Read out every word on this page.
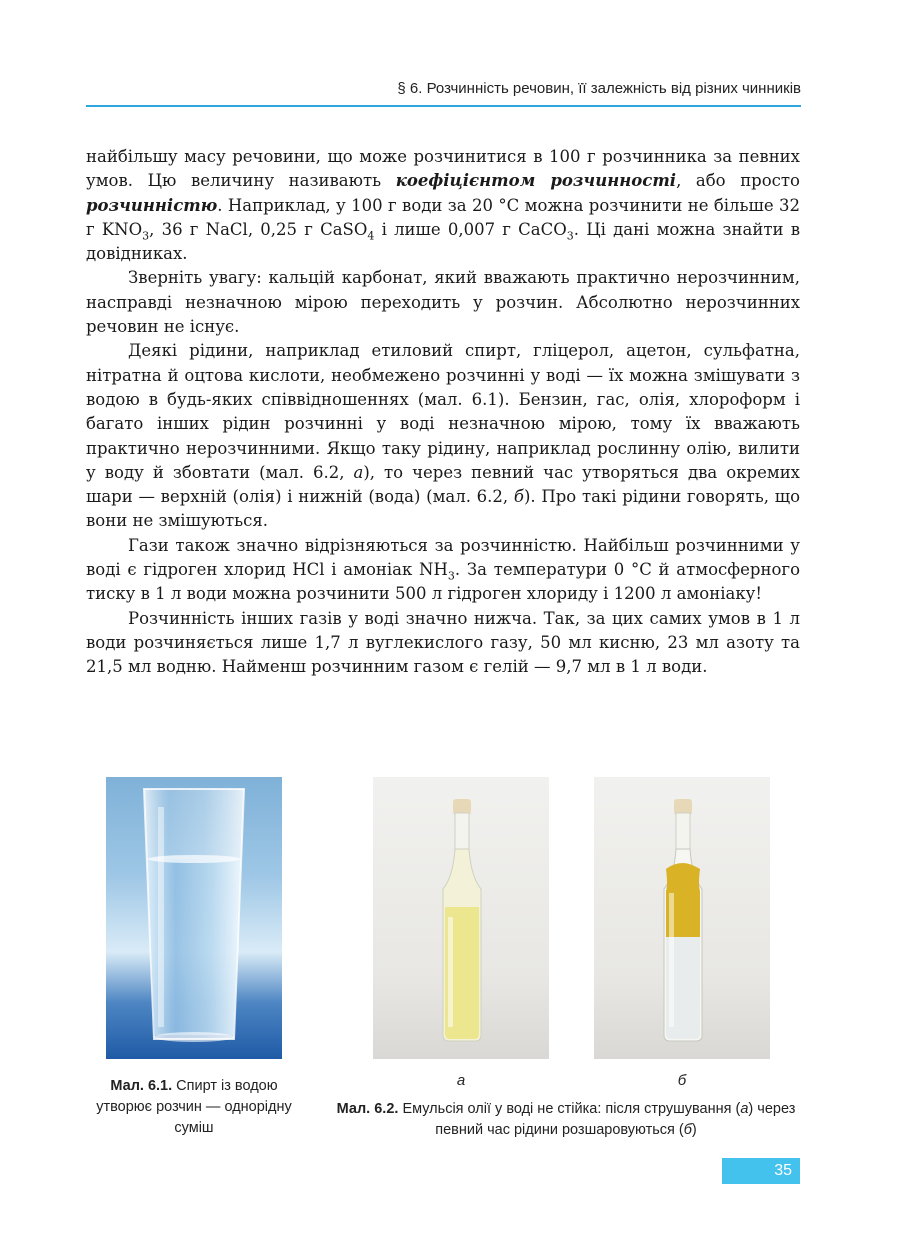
§ 6. Розчинність речовин, її залежність від різних чинників

найбільшу масу речовини, що може розчинитися в 100 г розчинника за певних умов. Цю величину називають коефіцієнтом розчинності, або просто розчинністю. Наприклад, у 100 г води за 20 °С можна розчинити не більше 32 г $KNO_3$, 36 г NaCl, 0,25 г CaSO$_4$ і лише 0,007 г CaCO$_3$. Ці дані можна знайти в довідниках.

Зверніть увагу: кальцій карбонат, який вважають практично нерозчинним, насправді незначною мірою переходить у розчин. Абсолютно нерозчинних речовин не існує.

Деякі рідини, наприклад етиловий спирт, гліцерол, ацетон, сульфатна, нітратна й оцтова кислоти, необмежено розчинні у воді — їх можна змішувати з водою в будь-яких співвідношеннях (мал. 6.1). Бензин, гас, олія, хлороформ і багато інших рідин розчинні у воді незначною мірою, тому їх вважають практично нерозчинними. Якщо таку рідину, наприклад рослинну олію, вилити у воду й збовтати (мал. 6.2, а), то через певний час утворяться два окремих шари — верхній (олія) і нижній (вода) (мал. 6.2, б). Про такі рідини говорять, що вони не змішуються.

Гази також значно відрізняються за розчинністю. Найбільш розчинними у воді є гідроген хлорид HCl і амоніак $NH_3$. За температури 0 °С й атмосферного тиску в 1 л води можна розчинити 500 л гідроген хлориду і 1200 л амоніаку!

Розчинність інших газів у воді значно нижча. Так, за цих самих умов в 1 л води розчиняється лише 1,7 л вуглекислого газу, 50 мл кисню, 23 мл азоту та 21,5 мл водню. Найменш розчинним газом є гелій — 9,7 мл в 1 л води.

а	б
Мал. 6.1. Спирт із водою утворює розчин — однорідну суміш
Мал. 6.2. Емульсія олії у воді не стійка: після струшування (а) через певний час рідини розшаровуються (б)
35
